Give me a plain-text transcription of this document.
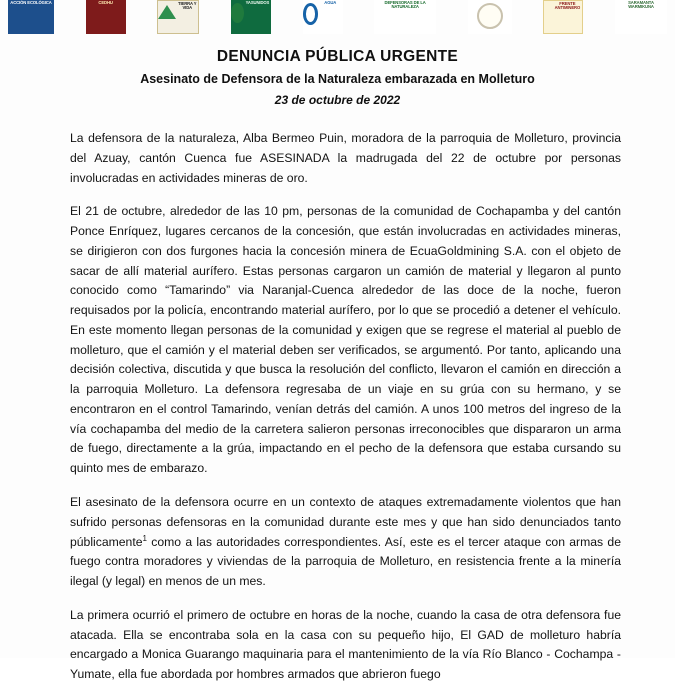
ACCIÓN ECOLÓGICA	CEDHU	TIERRA Y VIDA
YASUNIDOS	AGUA	DEFENSORAS DE LA NATURALEZA
FRENTE ANTIMINERO
SARAMANTA WARMIKUNA
DENUNCIA PÚBLICA URGENTE
Asesinato de Defensora de la Naturaleza embarazada en Molleturo
23 de octubre de 2022

La defensora de la naturaleza, Alba Bermeo Puin, moradora de la parroquia de Molleturo, provincia del Azuay, cantón Cuenca fue ASESINADA la madrugada del 22 de octubre por personas involucradas en actividades mineras de oro.

El 21 de octubre, alrededor de las 10 pm, personas de la comunidad de Cochapamba y del cantón Ponce Enríquez, lugares cercanos de la concesión, que están involucradas en actividades mineras, se dirigieron con dos furgones hacia la concesión minera de EcuaGoldmining S.A. con el objeto de sacar de allí material aurífero. Estas personas cargaron un camión de material y llegaron al punto conocido como “Tamarindo” via Naranjal-Cuenca alrededor de las doce de la noche, fueron requisados por la policía, encontrando material aurífero, por lo que se procedió a detener el vehículo. En este momento llegan personas de la comunidad y exigen que se regrese el material al pueblo de molleturo, que el camión y el material deben ser verificados, se argumentó. Por tanto, aplicando una decisión colectiva, discutida y que busca la resolución del conflicto, llevaron el camión en dirección a la parroquia Molleturo. La defensora regresaba de un viaje en su grúa con su hermano, y se encontraron en el control Tamarindo, venían detrás del camión. A unos 100 metros del ingreso de la vía cochapamba del medio de la carretera salieron personas irreconocibles que dispararon un arma de fuego, directamente a la grúa, impactando en el pecho de la defensora que estaba cursando su quinto mes de embarazo.

El asesinato de la defensora ocurre en un contexto de ataques extremadamente violentos que han sufrido personas defensoras en la comunidad durante este mes y que han sido denunciados tanto públicamente$^1$ como a las autoridades correspondientes. Así, este es el tercer ataque con armas de fuego contra moradores y viviendas de la parroquia de Molleturo, en resistencia frente a la minería ilegal (y legal) en menos de un mes.

La primera ocurrió el primero de octubre en horas de la noche, cuando la casa de otra defensora fue atacada. Ella se encontraba sola en la casa con su pequeño hijo, El GAD de molleturo habría encargado a Monica Guarango maquinaria para el mantenimiento de la vía Río Blanco - Cochampa -Yumate, ella fue abordada por hombres armados que abrieron fuego
